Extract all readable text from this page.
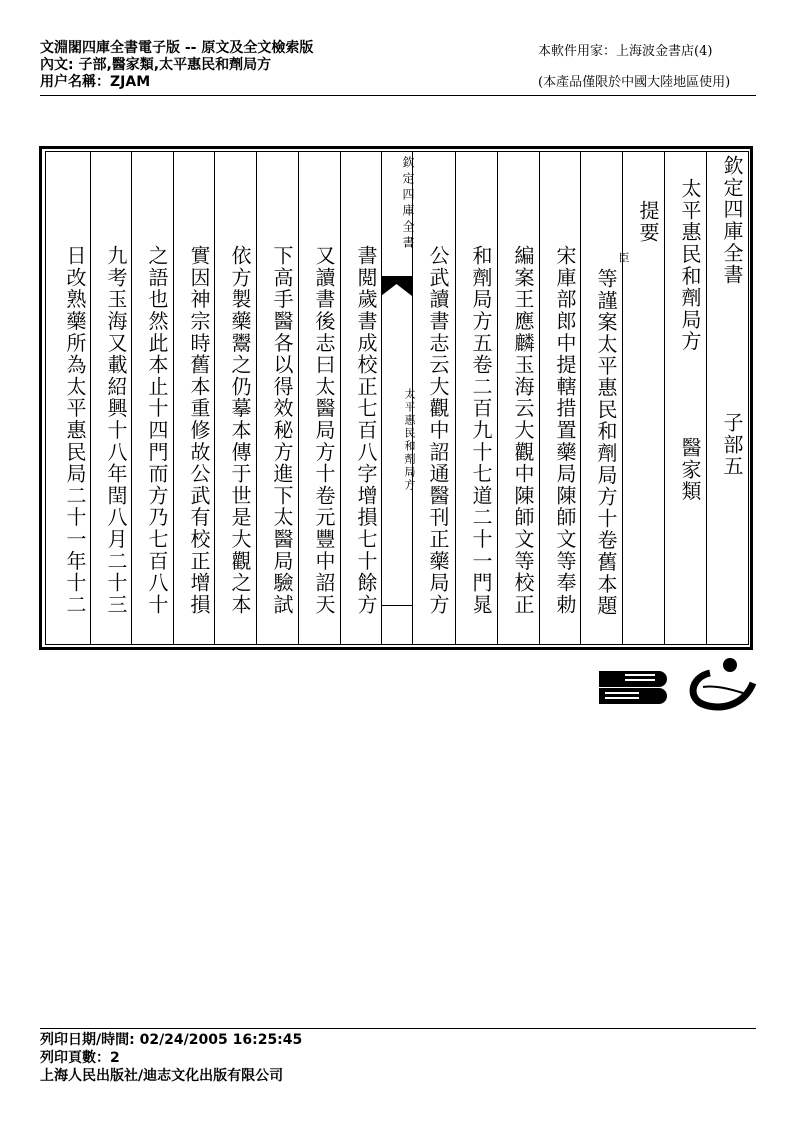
文淵閣四庫全書電子版 -- 原文及全文檢索版
內文: 子部,醫家類,太平惠民和劑局方
用户名稱：ZJAM
本軟件用家：上海波金書店(4)
(本產品僅限於中國大陸地區使用)
欽定四庫全書
子部五
太平惠民和劑局方
醫家類
提要
臣
等謹案太平惠民和劑局方十卷舊本題
宋庫部郎中提轄措置藥局陳師文等奉勅
編案王應麟玉海云大觀中陳師文等校正
和劑局方五卷二百九十七道二十一門晁
公武讀書志云大觀中詔通醫刊正藥局方
欽定四庫全書
太平惠民和劑局方
書閲歲書成校正七百八字增損七十餘方
又讀書後志曰太醫局方十卷元豐中詔天
下高手醫各以得效秘方進下太醫局驗試
依方製藥鬻之仍摹本傳于世是大觀之本
實因神宗時舊本重修故公武有校正增損
之語也然此本止十四門而方乃七百八十
九考玉海又載紹興十八年閏八月二十三
日改熟藥所為太平惠民局二十一年十二
列印日期/時間: 02/24/2005 16:25:45
列印頁數：2
上海人民出版社/迪志文化出版有限公司
